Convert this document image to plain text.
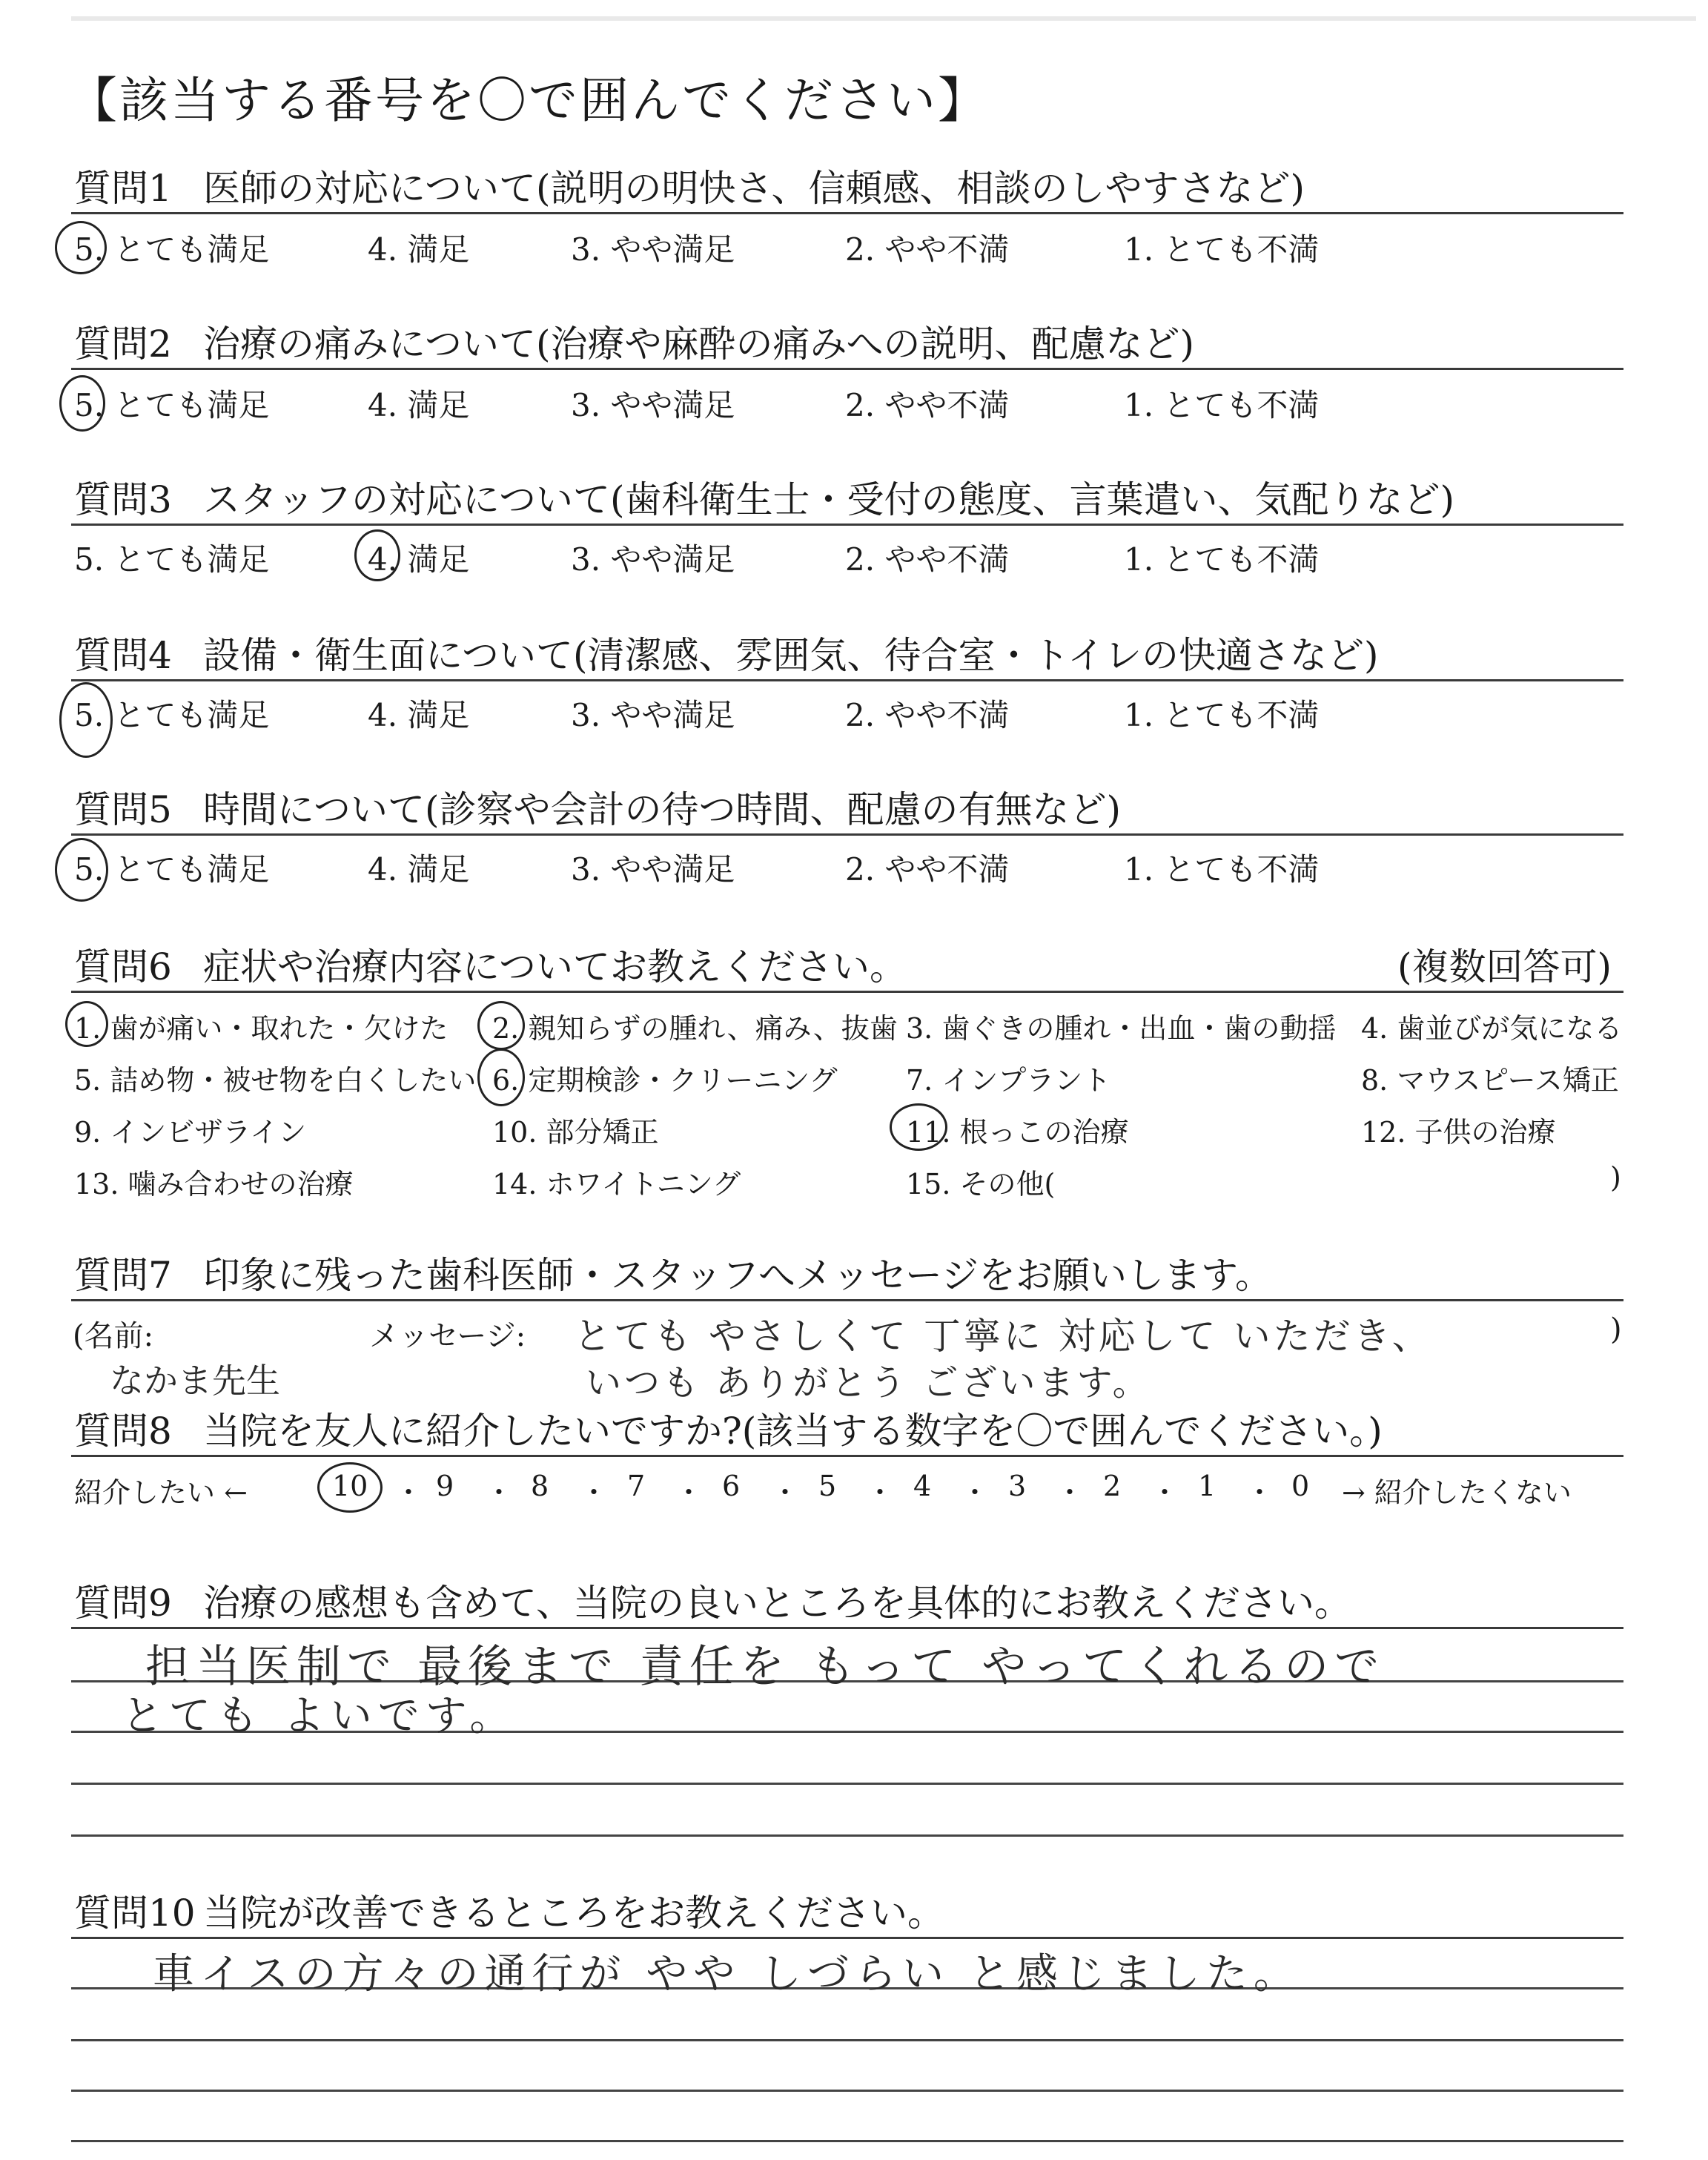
【該当する番号を〇で囲んでください】
質問1 医師の対応について(説明の明快さ、信頼感、相談のしやすさなど)
5. とても満足	4. 満足	3. やや満足	2. やや不満	1. とても不満
質問2 治療の痛みについて(治療や麻酔の痛みへの説明、配慮など)
5. とても満足	4. 満足	3. やや満足	2. やや不満	1. とても不満
質問3 スタッフの対応について(歯科衛生士・受付の態度、言葉遣い、気配りなど)
5. とても満足	4. 満足	3. やや満足	2. やや不満	1. とても不満
質問4 設備・衛生面について(清潔感、雰囲気、待合室・トイレの快適さなど)
5. とても満足	4. 満足	3. やや満足	2. やや不満	1. とても不満
質問5 時間について(診察や会計の待つ時間、配慮の有無など)
5. とても満足	4. 満足	3. やや満足	2. やや不満	1. とても不満
質問6 症状や治療内容についてお教えください。	(複数回答可)
1. 歯が痛い・取れた・欠けた 2. 親知らずの腫れ、痛み、抜歯 3. 歯ぐきの腫れ・出血・歯の動揺 4. 歯並びが気になる
5. 詰め物・被せ物を白くしたい 6. 定期検診・クリーニング 7. インプラント	8. マウスピース矯正
9. インビザライン	10. 部分矯正	11. 根っこの治療	12. 子供の治療
13. 噛み合わせの治療	14. ホワイトニング	15. その他(	)
質問7 印象に残った歯科医師・スタッフへメッセージをお願いします。
(名前:	メッセージ:	)
なかま先生
とても やさしくて 丁寧に 対応して いただき、
いつも ありがとう ございます。
質問8 当院を友人に紹介したいですか?(該当する数字を〇で囲んでください。)
紹介したい ←	10 ・ 9 ・ 8 ・ 7 ・ 6 ・ 5 ・ 4 ・ 3 ・ 2 ・ 1 ・ 0 → 紹介したくない
質問9 治療の感想も含めて、当院の良いところを具体的にお教えください。
担当医制で 最後まで 責任を もって やってくれるので
とても よいです。
質問10 当院が改善できるところをお教えください。
車イスの方々の通行が やや しづらい と感じました。
